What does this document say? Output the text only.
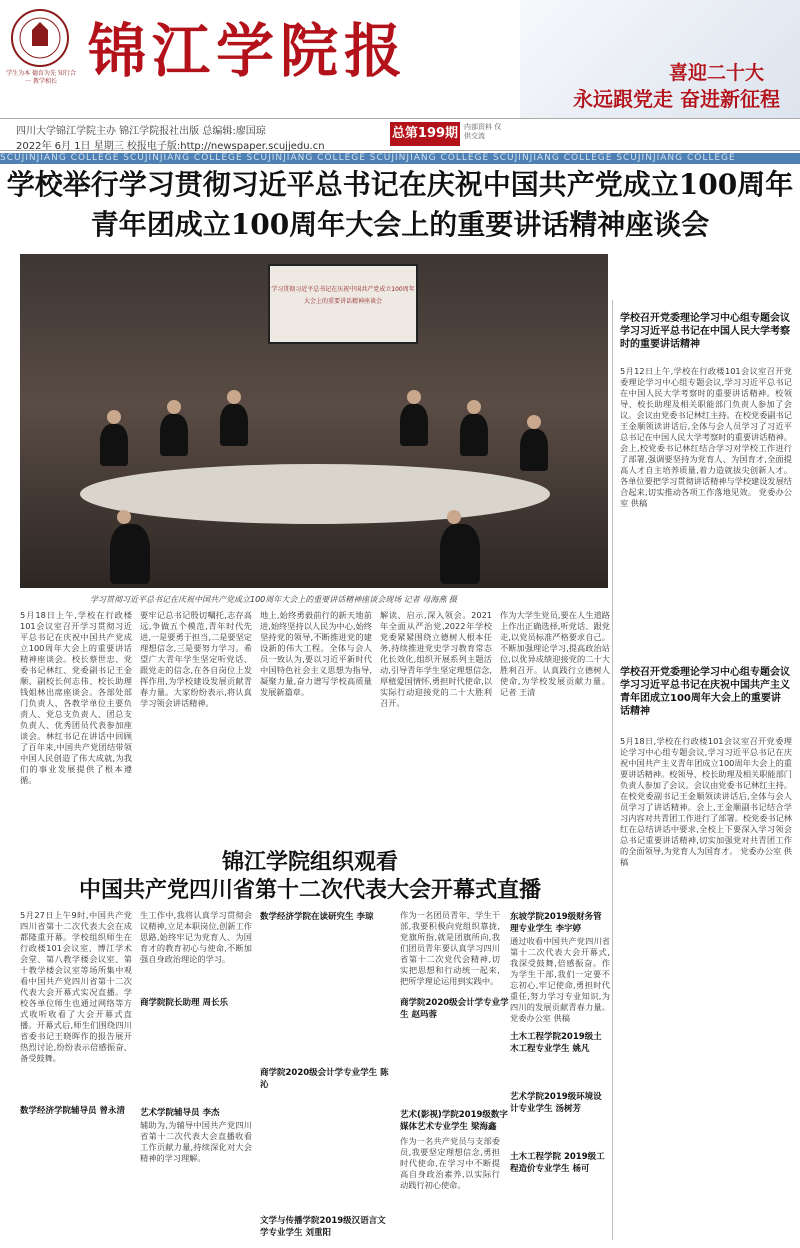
学生为本 德育为先 知行合一 教学相长 锦江学院报	喜迎二十大
永远跟党走 奋进新征程
四川大学锦江学院主办 锦江学院报社出版 总编辑:廖国琼
2022年 6月 1日 星期三 校报电子版:http://newspaper.scujjedu.cn
总第199期 内部资料 仅供交流
SCUJINJIANG COLLEGE SCUJINJIANG COLLEGE SCUJINJIANG COLLEGE SCUJINJIANG COLLEGE SCUJINJIANG COLLEGE SCUJINJIANG COLLEGE
学校举行学习贯彻习近平总书记在庆祝中国共产党成立100周年
青年团成立100周年大会上的重要讲话精神座谈会
学习贯彻习近平总书记在庆祝中国共产党成立100周年
大会上的重要讲话精神座谈会
学习贯彻习近平总书记在庆祝中国共产党成立100周年大会上的重要讲话精神座谈会现场 记者 母海燕 摄
5月18日上午,学校在行政楼101会议室召开学习贯彻习近平总书记在庆祝中国共产党成立100周年大会上的重要讲话精神座谈会。校长蔡世忠、党委书记林红、党委副书记王金顺、副校长何志伟、校长助理钱姐林出席座谈会。各部处部门负责人、各教学单位主要负责人、党总支负责人、团总支负责人、优秀团员代表参加座谈会。林红书记在讲话中回顾了百年来,中国共产党团结带领中国人民创造了伟大成就,为我们的事业发展提供了根本遵循。
要牢记总书记殷切嘱托,志存高远,争做五个模范,青年时代先进,一是要勇于担当,二是要坚定理想信念,三是要努力学习。希望广大青年学生坚定听党话、跟党走的信念,在各自岗位上发挥作用,为学校建设发展贡献青春力量。大家纷纷表示,将认真学习领会讲话精神。
地上,始终勇毅前行的新天地前进,始终坚持以人民为中心,始终坚持党的领导,不断推进党的建设新的伟大工程。全体与会人员一致认为,要以习近平新时代中国特色社会主义思想为指导,凝聚力量,奋力谱写学校高质量发展新篇章。
解读、启示,深入领会。2021年全面从严治党,2022年学校党委紧紧围绕立德树人根本任务,持续推进党史学习教育常态化长效化,组织开展系列主题活动,引导青年学生坚定理想信念,厚植爱国情怀,勇担时代使命,以实际行动迎接党的二十大胜利召开。
作为大学生党员,要在人生道路上作出正确选择,听党话、跟党走,以党员标准严格要求自己。不断加强理论学习,提高政治站位,以优异成绩迎接党的二十大胜利召开。认真践行立德树人使命,为学校发展贡献力量。 记者 王清
学校召开党委理论学习中心组专题会议学习习近平总书记在中国人民大学考察时的重要讲话精神
5月12日上午,学校在行政楼101会议室召开党委理论学习中心组专题会议,学习习近平总书记在中国人民大学考察时的重要讲话精神。校领导、校长助理及相关职能部门负责人参加了会议。会议由党委书记林红主持。在校党委副书记王金顺领读讲话后,全体与会人员学习了习近平总书记在中国人民大学考察时的重要讲话精神。会上,校党委书记林红结合学习对学校工作进行了部署,强调要坚持为党育人、为国育才,全面提高人才自主培养质量,着力造就拔尖创新人才。各单位要把学习贯彻讲话精神与学校建设发展结合起来,切实推动各项工作落地见效。 党委办公室 供稿
学校召开党委理论学习中心组专题会议学习习近平总书记在庆祝中国共产主义青年团成立100周年大会上的重要讲话精神
5月18日,学校在行政楼101会议室召开党委理论学习中心组专题会议,学习习近平总书记在庆祝中国共产主义青年团成立100周年大会上的重要讲话精神。校领导、校长助理及相关职能部门负责人参加了会议。会议由党委书记林红主持。在校党委副书记王金顺领读讲话后,全体与会人员学习了讲话精神。会上,王金顺副书记结合学习内容对共青团工作进行了部署。校党委书记林红在总结讲话中要求,全校上下要深入学习领会总书记重要讲话精神,切实加强党对共青团工作的全面领导,为党育人为国育才。 党委办公室 供稿
锦江学院组织观看
中国共产党四川省第十二次代表大会开幕式直播
5月27日上午9时,中国共产党四川省第十二次代表大会在成都隆重开幕。学校组织师生在行政楼101会议室、博江学术会堂、第八教学楼会议室、第十教学楼会议室等场所集中观看中国共产党四川省第十二次代表大会开幕式实况直播。学校各单位师生也通过网络等方式收听收看了大会开幕式直播。开幕式后,师生们围绕四川省委书记王晓晖作的报告展开热烈讨论,纷纷表示倍感振奋、备受鼓舞。
数学经济学院辅导员 曾永清
生工作中,我将认真学习贯彻会议精神,立足本职岗位,创新工作思路,始终牢记为党育人、为国育才的教育初心与使命,不断加强自身政治理论的学习。
商学院院长助理 周长乐
艺术学院辅导员 李杰
辅助为,为辅导中国共产党四川省第十二次代表大会直播收看工作贡献力量,持续深化对大会精神的学习理解。
数学经济学院在读研究生 李琼
商学院2020级会计学专业学生 陈沁
文学与传播学院2019级汉语言文学专业学生 刘重阳
作为一名团员青年、学生干部,我要积极向党组织靠拢,党旗所指,就是团旗所向,我们团员青年要认真学习四川省第十二次党代会精神,切实把思想和行动统一起来,把所学理论运用到实践中。
商学院2020级会计学专业学生 赵玛蓉
艺术(影视)学院2019级数字媒体艺术专业学生 梁海鑫
作为一名共产党员与支部委员,我要坚定理想信念,勇担时代使命,在学习中不断提高自身政治素养,以实际行动践行初心使命。
东坡学院2019级财务管理专业学生 李宇婷
通过收看中国共产党四川省第十二次代表大会开幕式,我深受鼓舞,倍感振奋。作为学生干部,我们一定要不忘初心,牢记使命,勇担时代重任,努力学习专业知识,为四川的发展贡献青春力量。 党委办公室 供稿
土木工程学院2019级土木工程专业学生 姚凡
艺术学院2019级环境设计专业学生 汤树芳
土木工程学院 2019级工程造价专业学生 杨可
